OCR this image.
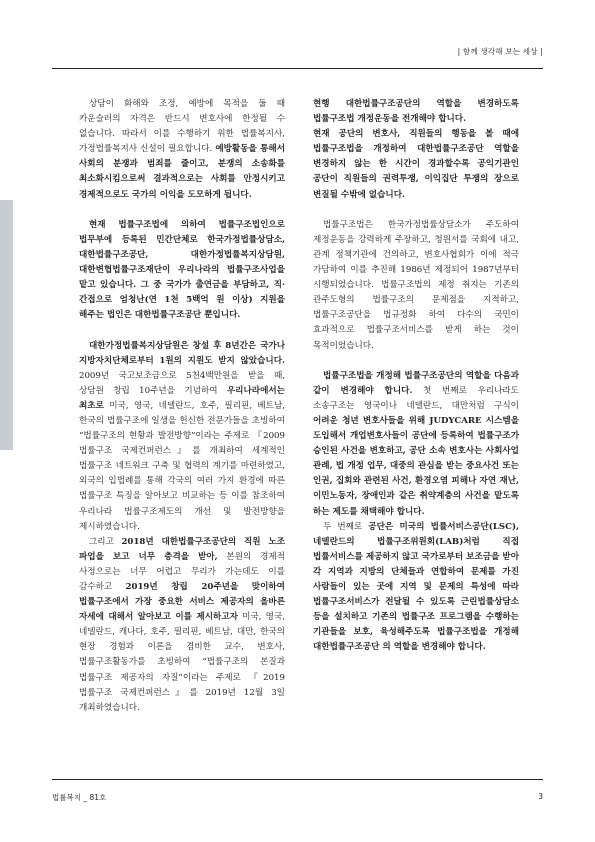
| 함께 생각해 보는 세상 |

상담이 화해와 조정, 예방에 목적을 둘 때 카운슬러의 자격은 반드시 변호사에 한정될 수 없습니다. 따라서 이를 수행하기 위한 법률복지사, 가정법률복지사 신설이 필요합니다. 예방활동을 통해서 사회의 분쟁과 범죄를 줄이고, 분쟁의 소송화를 최소화시킴으로써 결과적으로는 사회를 안정시키고 경제적으로도 국가의 이익을 도모하게 됩니다.

현재 법률구조법에 의하여 법률구조법인으로 법무부에 등록된 민간단체로 한국가정법률상담소, 대한법률구조공단, 대한가정법률복지상담원, 대한변협법률구조재단이 우리나라의 법률구조사업을 맡고 있습니다. 그 중 국가가 출연금을 부담하고, 직·간접으로 엄청난(연 1천 5백억 원 이상) 지원을 해주는 법인은 대한법률구조공단 뿐입니다.

대한가정법률복지상담원은 창설 후 8년간은 국가나 지방자치단체로부터 1원의 지원도 받지 않았습니다. 2009년 국고보조금으로 5천4백만원을 받을 때, 상담원 창립 10주년을 기념하여 우리나라에서는 최초로 미국, 영국, 네델란드, 호주, 필리핀, 베트남, 한국의 법률구조에 일생을 헌신한 전문가들을 초빙하여 “법률구조의 현황과 발전방향”이라는 주제로 『2009 법률구조 국제컨퍼런스』를 개최하여 세계적인 법률구조 네트워크 구축 및 협력의 계기를 마련하였고, 외국의 입법례를 통해 각국의 여러 가지 환경에 따른 법률구조 특징을 알아보고 비교하는 등 이를 참조하여 우리나라 법률구조제도의 개선 및 발전방향을 제시하였습니다.

그리고 2018년 대한법률구조공단의 직원 노조 파업을 보고 너무 충격을 받아, 본원의 경제적 사정으로는 너무 어렵고 무리가 가는데도 이를 감수하고 2019년 창립 20주년을 맞이하여 법률구조에서 가장 중요한 서비스 제공자의 올바른 자세에 대해서 알아보고 이를 제시하고자 미국, 영국, 네델란드, 캐나다, 호주, 필리핀, 베트남, 대만, 한국의 현장 경험과 이론을 겸비한 교수, 변호사, 법률구조활동가를 초빙하여 “법률구조의 본질과 법률구조 제공자의 자질”이라는 주제로 『2019 법률구조 국제컨퍼런스』를 2019년 12월 3일 개최하였습니다.

현행 대한법률구조공단의 역할을 변경하도록 법률구조법 개정운동을 전개해야 합니다.

현재 공단의 변호사, 직원들의 행동을 볼 때에 법률구조법을 개정하여 대한법률구조공단 역할을 변경하지 않는 한 시간이 경과할수록 공익기관인 공단이 직원들의 권력투쟁, 이익집단 투쟁의 장으로 변질될 수밖에 없습니다.

법률구조법은 한국가정법률상담소가 주도하여 제정운동을 강력하게 주장하고, 청원서를 국회에 내고, 관계 정책기관에 건의하고, 변호사협회가 이에 적극 가담하여 이를 추진해 1986년 제정되어 1987년부터 시행되었습니다. 법률구조법의 제정 취지는 기존의 관주도형의 법률구조의 문제점을 지적하고, 법률구조공단을 법규정화 하여 다수의 국민이 효과적으로 법률구조서비스를 받게 하는 것이 목적이었습니다.

법률구조법을 개정해 법률구조공단의 역할을 다음과 같이 변경해야 합니다. 첫 번째로 우리나라도 소송구조는 영국이나 네델란드, 대만처럼 구식이 어려운 청년 변호사들을 위해 JUDYCARE 시스템을 도입해서 개업변호사들이 공단에 등록하여 법률구조가 승인된 사건을 변호하고, 공단 소속 변호사는 사회사업 관례, 법 개정 업무, 대중의 관심을 받는 중요사건 또는 인권, 집회와 관련된 사건, 환경오염 피해나 자연 재난, 이민노동자, 장애인과 같은 취약계층의 사건을 맡도록 하는 제도를 채택해야 합니다.

두 번째로 공단은 미국의 법률서비스공단(LSC), 네델란드의 법률구조위원회(LAB)처럼 직접 법률서비스를 제공하지 않고 국가로부터 보조금을 받아 각 지역과 지방의 단체들과 연합하여 문제를 가진 사람들이 있는 곳에 지역 및 문제의 특성에 따라 법률구조서비스가 전달될 수 있도록 근린법률상담소 등을 설치하고 기존의 법률구조 프로그램을 수행하는 기관들을 보호, 육성해주도록 법률구조법을 개정해 대한법률구조공단 의 역할을 변경해야 합니다.

법률복지 _ 81호	3
